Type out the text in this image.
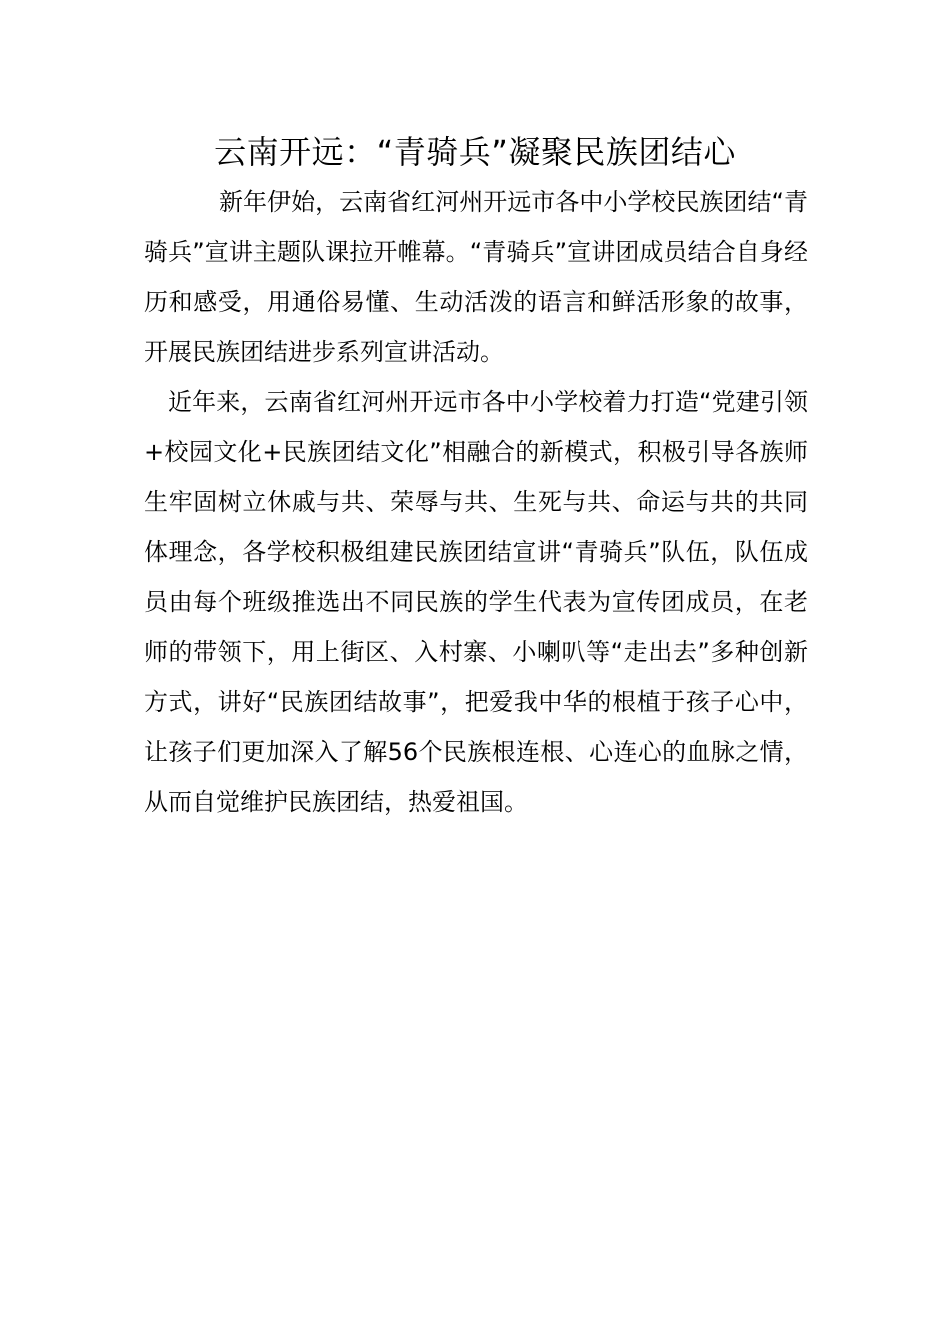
云南开远：“青骑兵”凝聚民族团结心

新年伊始，云南省红河州开远市各中小学校民族团结“青骑兵”宣讲主题队课拉开帷幕。“青骑兵”宣讲团成员结合自身经历和感受，用通俗易懂、生动活泼的语言和鲜活形象的故事，开展民族团结进步系列宣讲活动。

近年来，云南省红河州开远市各中小学校着力打造“党建引领+校园文化+民族团结文化”相融合的新模式，积极引导各族师生牢固树立休戚与共、荣辱与共、生死与共、命运与共的共同体理念，各学校积极组建民族团结宣讲“青骑兵”队伍，队伍成员由每个班级推选出不同民族的学生代表为宣传团成员，在老师的带领下，用上街区、入村寨、小喇叭等“走出去”多种创新方式，讲好“民族团结故事”，把爱我中华的根植于孩子心中，让孩子们更加深入了解56个民族根连根、心连心的血脉之情，从而自觉维护民族团结，热爱祖国。
